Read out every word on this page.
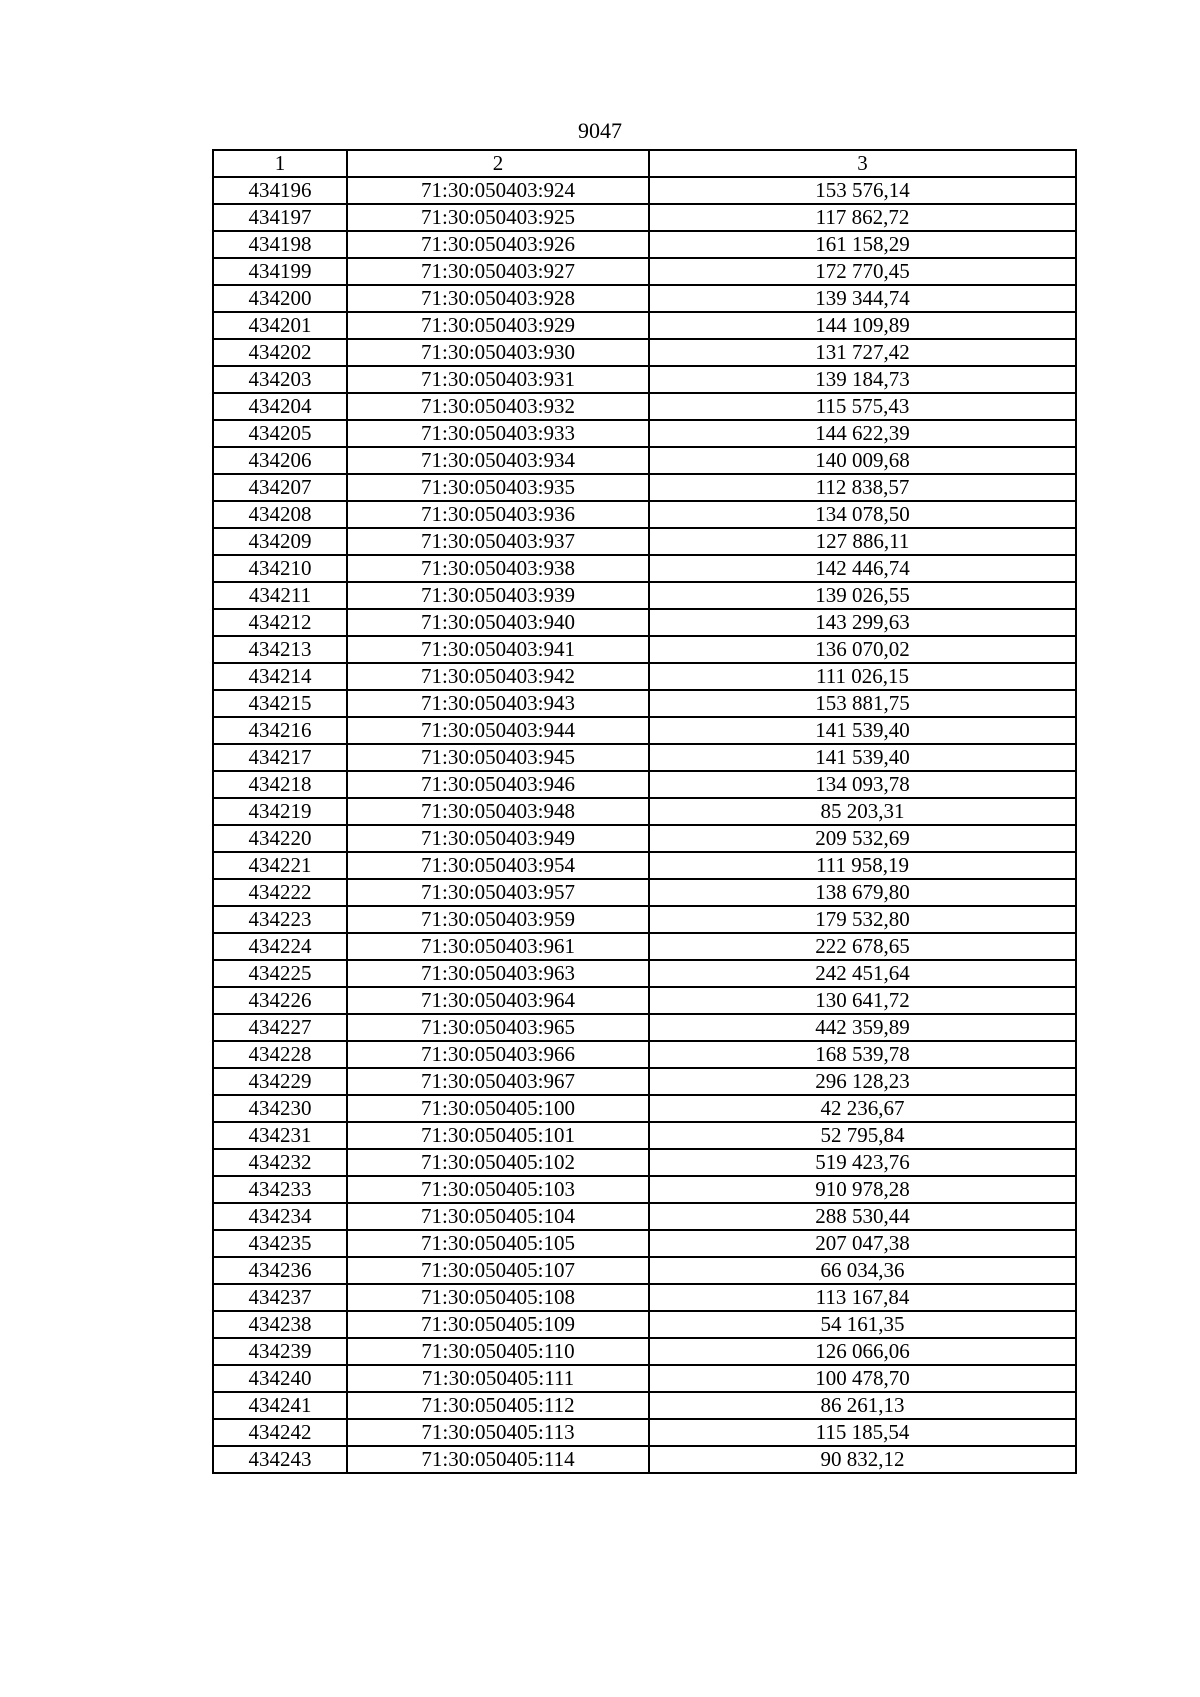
9047
1	2	3
434196	71:30:050403:924	153 576,14
434197	71:30:050403:925	117 862,72
434198	71:30:050403:926	161 158,29
434199	71:30:050403:927	172 770,45
434200	71:30:050403:928	139 344,74
434201	71:30:050403:929	144 109,89
434202	71:30:050403:930	131 727,42
434203	71:30:050403:931	139 184,73
434204	71:30:050403:932	115 575,43
434205	71:30:050403:933	144 622,39
434206	71:30:050403:934	140 009,68
434207	71:30:050403:935	112 838,57
434208	71:30:050403:936	134 078,50
434209	71:30:050403:937	127 886,11
434210	71:30:050403:938	142 446,74
434211	71:30:050403:939	139 026,55
434212	71:30:050403:940	143 299,63
434213	71:30:050403:941	136 070,02
434214	71:30:050403:942	111 026,15
434215	71:30:050403:943	153 881,75
434216	71:30:050403:944	141 539,40
434217	71:30:050403:945	141 539,40
434218	71:30:050403:946	134 093,78
434219	71:30:050403:948	85 203,31
434220	71:30:050403:949	209 532,69
434221	71:30:050403:954	111 958,19
434222	71:30:050403:957	138 679,80
434223	71:30:050403:959	179 532,80
434224	71:30:050403:961	222 678,65
434225	71:30:050403:963	242 451,64
434226	71:30:050403:964	130 641,72
434227	71:30:050403:965	442 359,89
434228	71:30:050403:966	168 539,78
434229	71:30:050403:967	296 128,23
434230	71:30:050405:100	42 236,67
434231	71:30:050405:101	52 795,84
434232	71:30:050405:102	519 423,76
434233	71:30:050405:103	910 978,28
434234	71:30:050405:104	288 530,44
434235	71:30:050405:105	207 047,38
434236	71:30:050405:107	66 034,36
434237	71:30:050405:108	113 167,84
434238	71:30:050405:109	54 161,35
434239	71:30:050405:110	126 066,06
434240	71:30:050405:111	100 478,70
434241	71:30:050405:112	86 261,13
434242	71:30:050405:113	115 185,54
434243	71:30:050405:114	90 832,12
